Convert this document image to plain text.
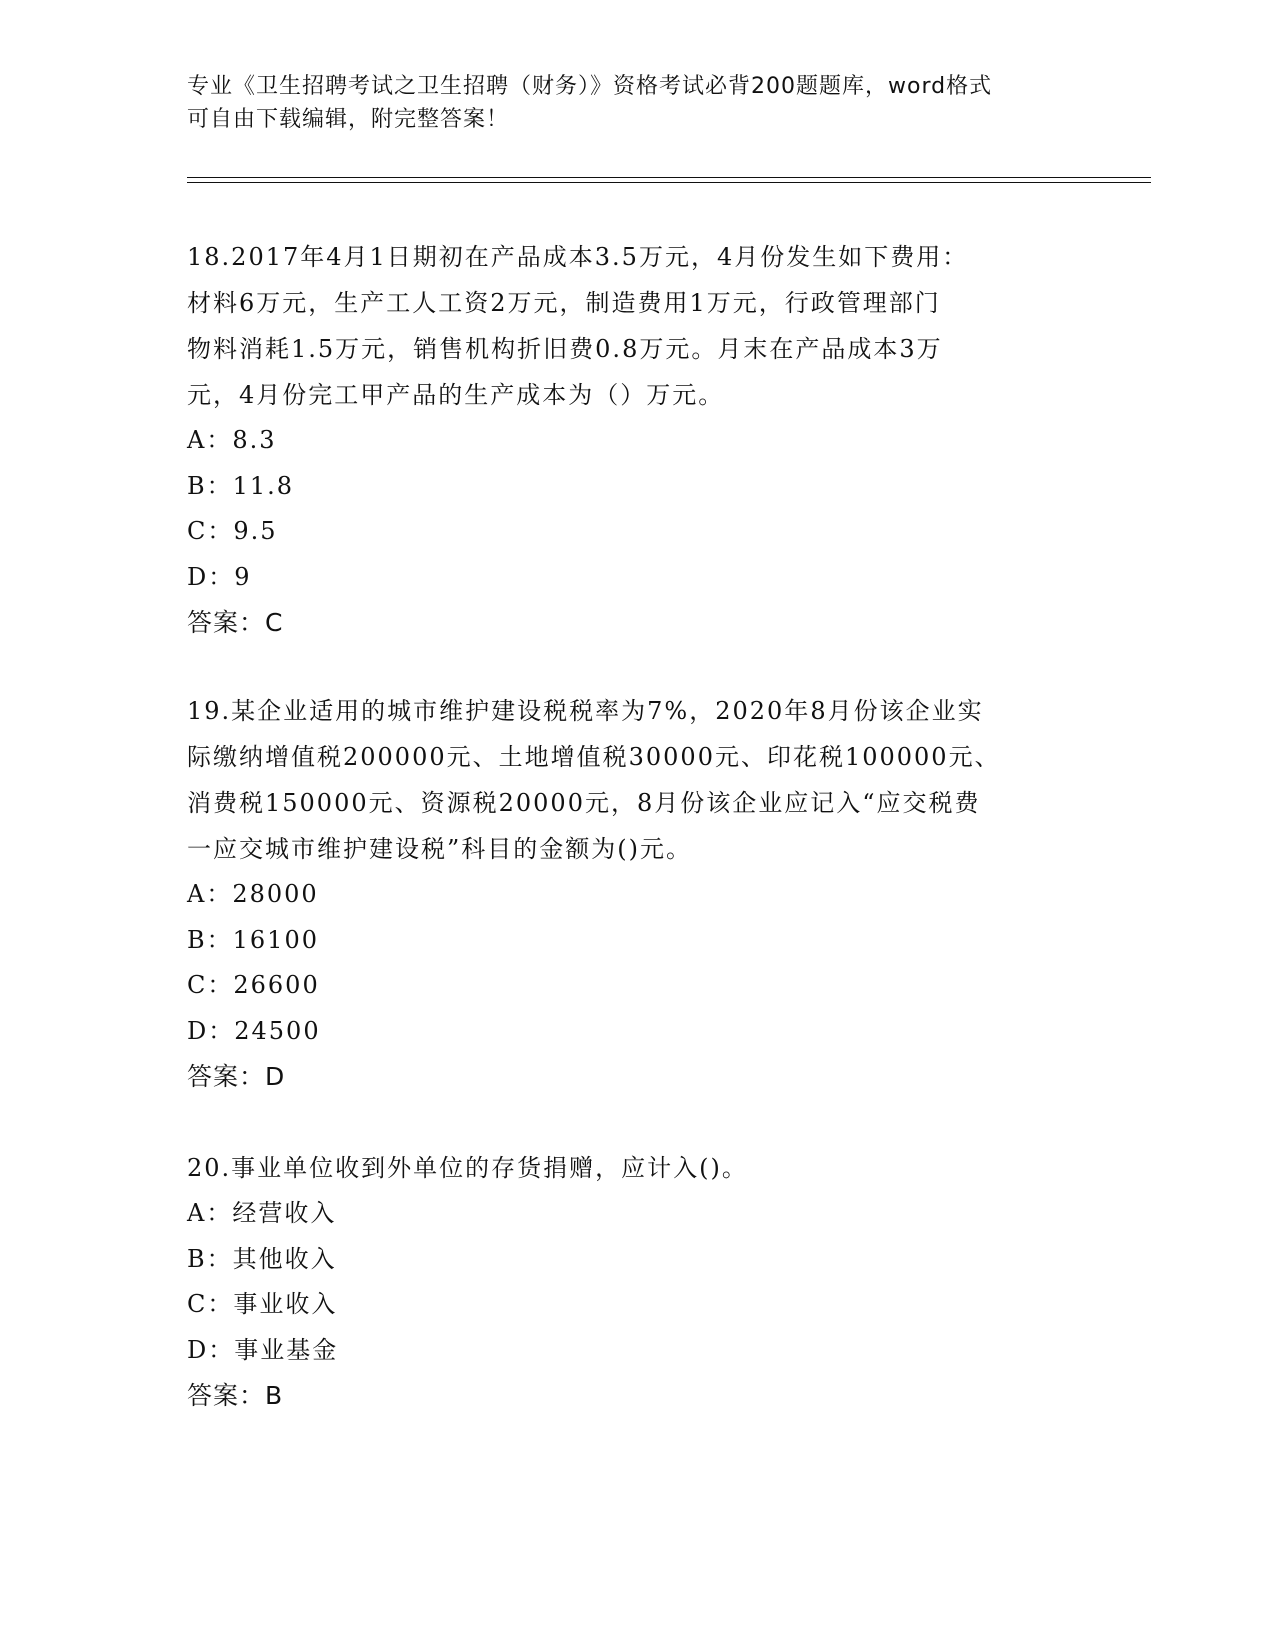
专业《卫生招聘考试之卫生招聘（财务）》资格考试必背200题题库，word格式
可自由下载编辑，附完整答案！

18.2017年4月1日期初在产品成本3.5万元，4月份发生如下费用：

材料6万元，生产工人工资2万元，制造费用1万元，行政管理部门

物料消耗1.5万元，销售机构折旧费0.8万元。月末在产品成本3万

元，4月份完工甲产品的生产成本为（）万元。

A：8.3

B：11.8

C：9.5

D：9

答案：C

19.某企业适用的城市维护建设税税率为7%，2020年8月份该企业实

际缴纳增值税200000元、土地增值税30000元、印花税100000元、

消费税150000元、资源税20000元，8月份该企业应记入“应交税费

一应交城市维护建设税”科目的金额为()元。

A：28000

B：16100

C：26600

D：24500

答案：D

20.事业单位收到外单位的存货捐赠，应计入()。

A：经营收入

B：其他收入

C：事业收入

D：事业基金

答案：B
